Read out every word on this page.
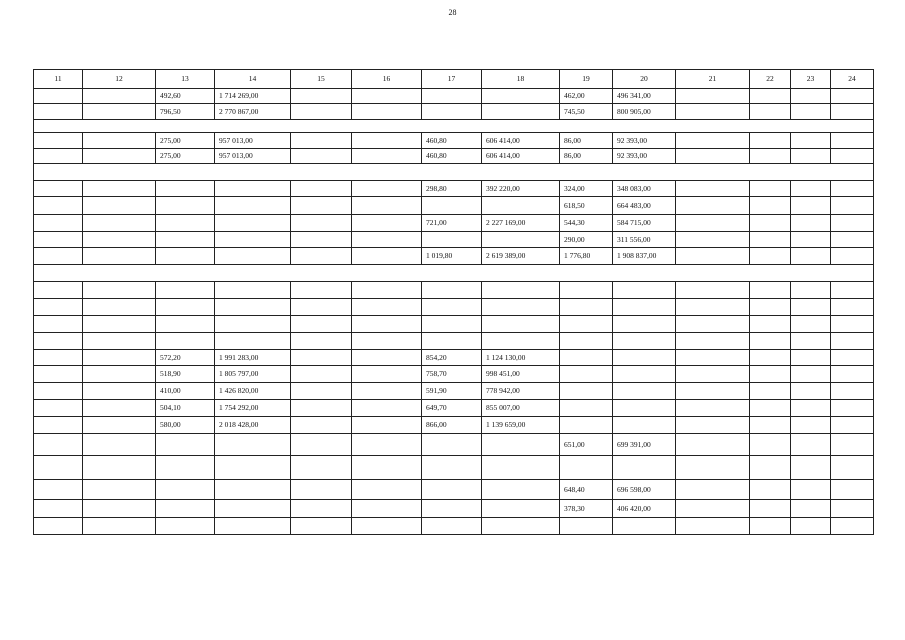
28
11	12	13	14	15	16	17	18	19	20	21	22	23	24
		492,60	1 714 269,00					462,00	496 341,00				
		796,50	2 770 867,00					745,50	800 905,00				

		275,00	957 013,00			460,80	606 414,00	86,00	92 393,00				
		275,00	957 013,00			460,80	606 414,00	86,00	92 393,00				

						298,80	392 220,00	324,00	348 083,00				
								618,50	664 483,00				
						721,00	2 227 169,00	544,30	584 715,00				
								290,00	311 556,00				
						1 019,80	2 619 389,00	1 776,80	1 908 837,00				

		572,20	1 991 283,00			854,20	1 124 130,00						
		518,90	1 805 797,00			758,70	998 451,00						
		410,00	1 426 820,00			591,90	778 942,00						
		504,10	1 754 292,00			649,70	855 007,00						
		580,00	2 018 428,00			866,00	1 139 659,00						
								651,00	699 391,00				

								648,40	696 598,00				
								378,30	406 420,00				
